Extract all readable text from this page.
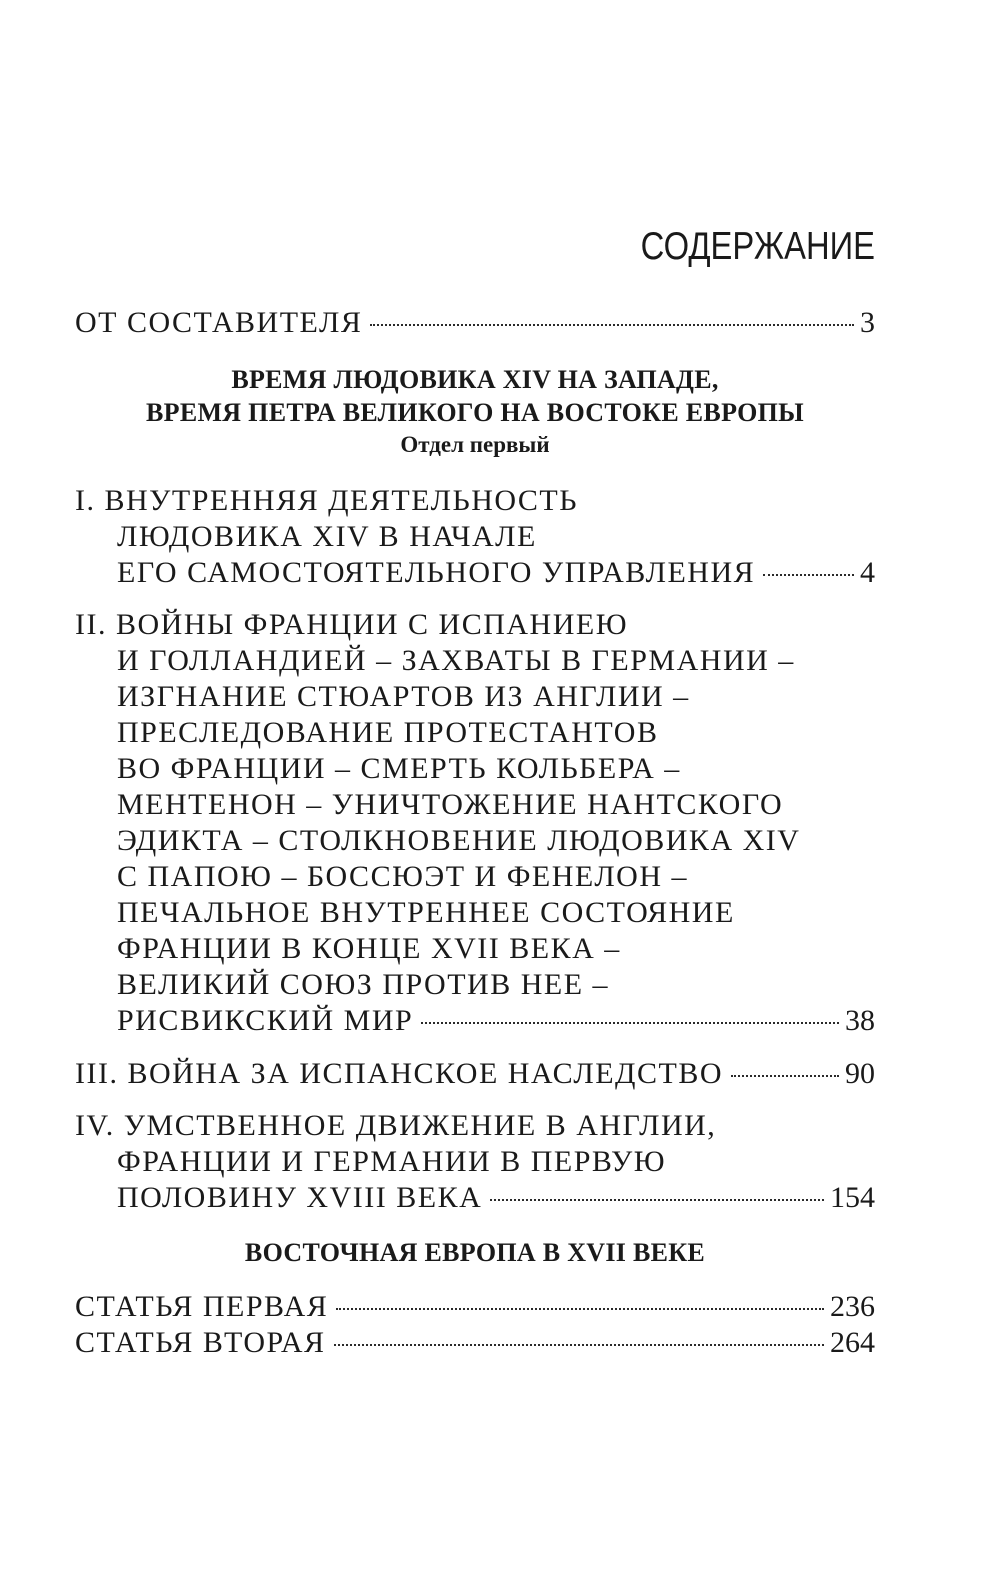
СОДЕРЖАНИЕ
ОТ СОСТАВИТЕЛЯ	3
ВРЕМЯ ЛЮДОВИКА XIV НА ЗАПАДЕ,
ВРЕМЯ ПЕТРА ВЕЛИКОГО НА ВОСТОКЕ ЕВРОПЫ
Отдел первый
I. ВНУТРЕННЯЯ ДЕЯТЕЛЬНОСТЬ
ЛЮДОВИКА XIV В НАЧАЛЕ
ЕГО САМОСТОЯТЕЛЬНОГО УПРАВЛЕНИЯ	4
II. ВОЙНЫ ФРАНЦИИ С ИСПАНИЕЮ
И ГОЛЛАНДИЕЙ – ЗАХВАТЫ В ГЕРМАНИИ –
ИЗГНАНИЕ СТЮАРТОВ ИЗ АНГЛИИ –
ПРЕСЛЕДОВАНИЕ ПРОТЕСТАНТОВ
ВО ФРАНЦИИ – СМЕРТЬ КОЛЬБЕРА –
МЕНТЕНОН – УНИЧТОЖЕНИЕ НАНТСКОГО
ЭДИКТА – СТОЛКНОВЕНИЕ ЛЮДОВИКА XIV
С ПАПОЮ – БОССЮЭТ И ФЕНЕЛОН –
ПЕЧАЛЬНОЕ ВНУТРЕННЕЕ СОСТОЯНИЕ
ФРАНЦИИ В КОНЦЕ XVII ВЕКА –
ВЕЛИКИЙ СОЮЗ ПРОТИВ НЕЕ –
РИСВИКСКИЙ МИР	38
III. ВОЙНА ЗА ИСПАНСКОЕ НАСЛЕДСТВО	90
IV. УМСТВЕННОЕ ДВИЖЕНИЕ В АНГЛИИ,
ФРАНЦИИ И ГЕРМАНИИ В ПЕРВУЮ
ПОЛОВИНУ XVIII ВЕКА	154
ВОСТОЧНАЯ ЕВРОПА В XVII ВЕКЕ
СТАТЬЯ ПЕРВАЯ	236
СТАТЬЯ ВТОРАЯ	264
